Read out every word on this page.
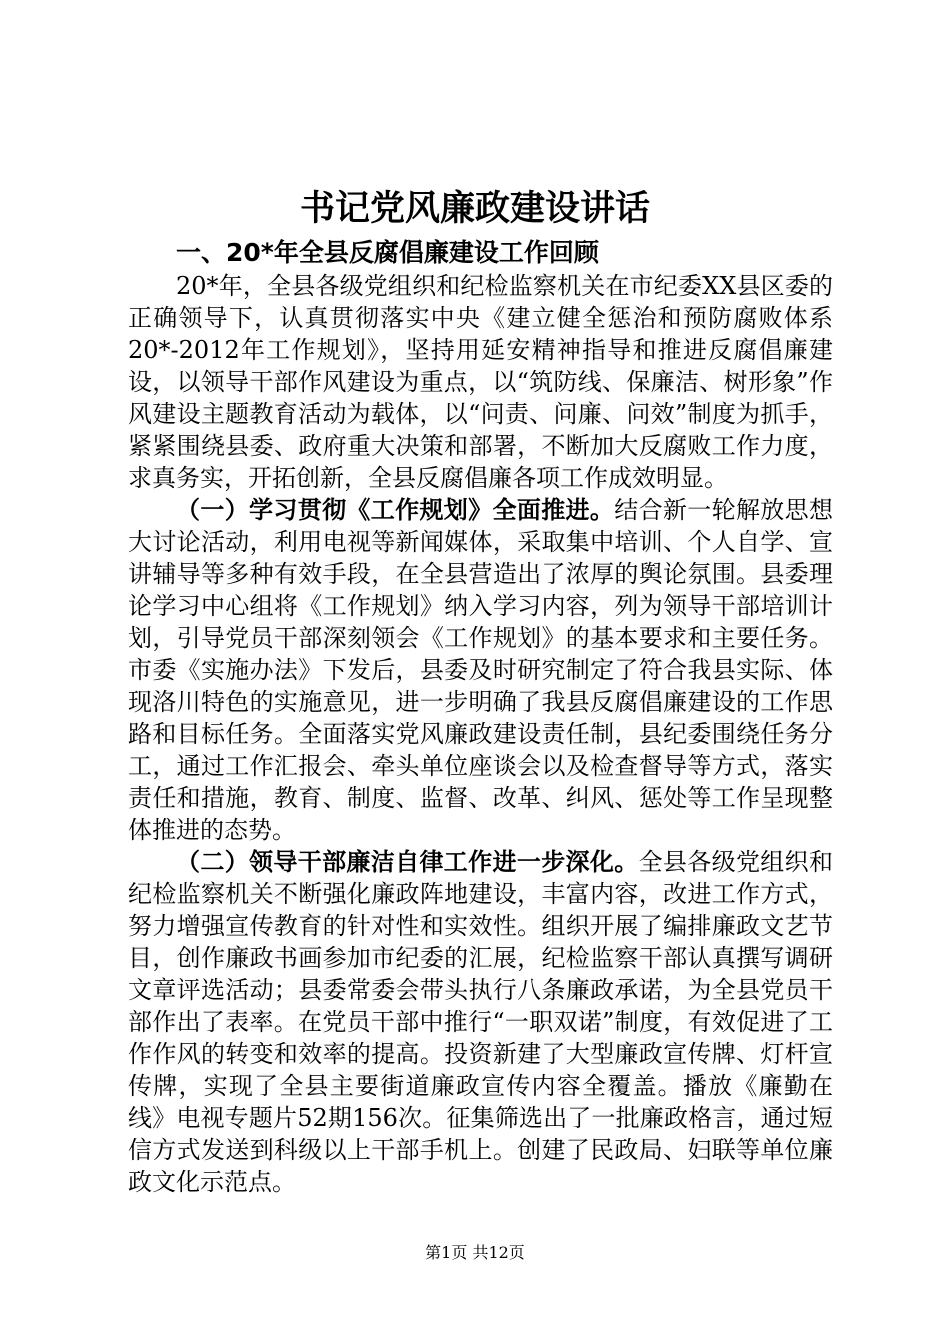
书记党风廉政建设讲话
一、20*年全县反腐倡廉建设工作回顾

20*年，全县各级党组织和纪检监察机关在市纪委XX县区委的正确领导下，认真贯彻落实中央《建立健全惩治和预防腐败体系20*-2012年工作规划》，坚持用延安精神指导和推进反腐倡廉建设，以领导干部作风建设为重点，以“筑防线、保廉洁、树形象”作风建设主题教育活动为载体，以“问责、问廉、问效”制度为抓手，紧紧围绕县委、政府重大决策和部署，不断加大反腐败工作力度，求真务实，开拓创新，全县反腐倡廉各项工作成效明显。

（一）学习贯彻《工作规划》全面推进。结合新一轮解放思想大讨论活动，利用电视等新闻媒体，采取集中培训、个人自学、宣讲辅导等多种有效手段，在全县营造出了浓厚的舆论氛围。县委理论学习中心组将《工作规划》纳入学习内容，列为领导干部培训计划，引导党员干部深刻领会《工作规划》的基本要求和主要任务。市委《实施办法》下发后，县委及时研究制定了符合我县实际、体现洛川特色的实施意见，进一步明确了我县反腐倡廉建设的工作思路和目标任务。全面落实党风廉政建设责任制，县纪委围绕任务分工，通过工作汇报会、牵头单位座谈会以及检查督导等方式，落实责任和措施，教育、制度、监督、改革、纠风、惩处等工作呈现整体推进的态势。

（二）领导干部廉洁自律工作进一步深化。全县各级党组织和纪检监察机关不断强化廉政阵地建设，丰富内容，改进工作方式，努力增强宣传教育的针对性和实效性。组织开展了编排廉政文艺节目，创作廉政书画参加市纪委的汇展，纪检监察干部认真撰写调研文章评选活动；县委常委会带头执行八条廉政承诺，为全县党员干部作出了表率。在党员干部中推行“一职双诺”制度，有效促进了工作作风的转变和效率的提高。投资新建了大型廉政宣传牌、灯杆宣传牌，实现了全县主要街道廉政宣传内容全覆盖。播放《廉勤在线》电视专题片52期156次。征集筛选出了一批廉政格言，通过短信方式发送到科级以上干部手机上。创建了民政局、妇联等单位廉政文化示范点。

第1页 共12页
